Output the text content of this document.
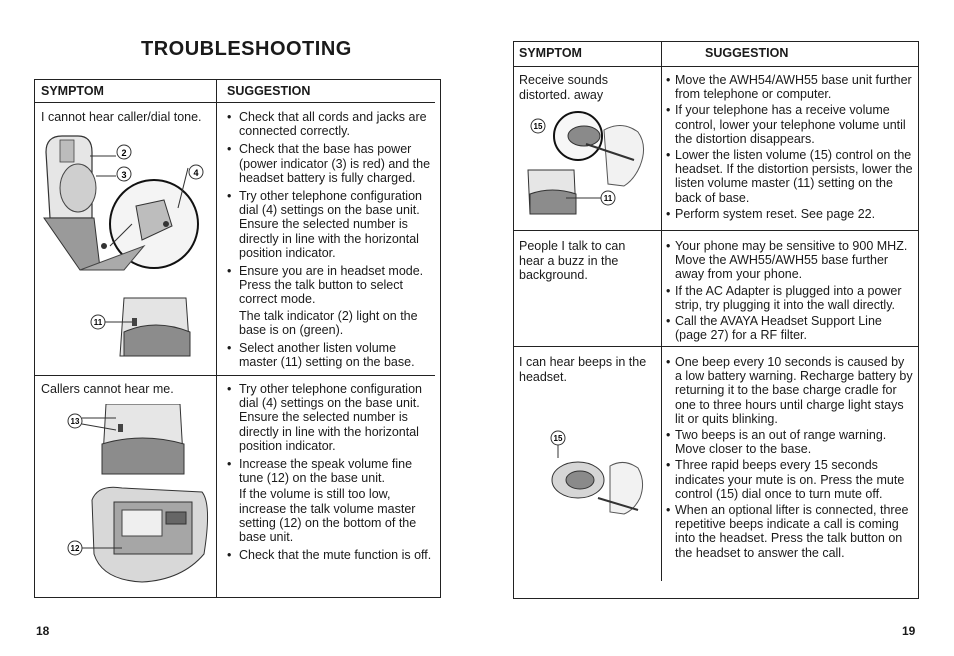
TROUBLESHOOTING
SYMPTOM	SUGGESTION
I cannot hear caller/dial tone.	• Check that all cords and jacks are connected correctly.
• Check that the base has power (power indicator (3) is red) and the headset battery is fully charged.
• Try other telephone configuration dial (4) settings on the base unit. Ensure the selected number is directly in line with the horizontal position indicator.
• Ensure you are in headset mode. Press the talk button to select correct mode.
The talk indicator (2) light on the base is on (green).
• Select another listen volume master (11) setting on the base.
2
3	4
11
Callers cannot hear me.	• Try other telephone configuration dial (4) settings on the base unit. Ensure the selected number is directly in line with the horizontal position indicator.
• Increase the speak volume fine tune (12) on the base unit.
If the volume is still too low, increase the talk volume master setting (12) on the bottom of the base unit.
• Check that the mute function is off.
13
12
18
SYMPTOM	SUGGESTION
Receive sounds distorted. away
• Move the AWH54/AWH55 base unit further from telephone or computer.
• If your telephone has a receive volume control, lower your telephone volume until the distortion disappears.
• Lower the listen volume (15) control on the headset. If the distortion persists, lower the listen volume master (11) setting on the back of base.
• Perform system reset. See page 22.
15
11
People I talk to can hear a buzz in the background.
• Your phone may be sensitive to 900 MHZ. Move the AWH55/AWH55 base further away from your phone.
• If the AC Adapter is plugged into a power strip, try plugging it into the wall directly.
• Call the AVAYA Headset Support Line (page 27) for a RF filter.
I can hear beeps in the headset.
• One beep every 10 seconds is caused by a low battery warning. Recharge battery by returning it to the base charge cradle for one to three hours until charge light stays lit or quits blinking.
• Two beeps is an out of range warning. Move closer to the base.
• Three rapid beeps every 15 seconds indicates your mute is on. Press the mute control (15) dial once to turn mute off.
• When an optional lifter is connected, three repetitive beeps indicate a call is coming into the headset. Press the talk button on the headset to answer the call.
15
19
